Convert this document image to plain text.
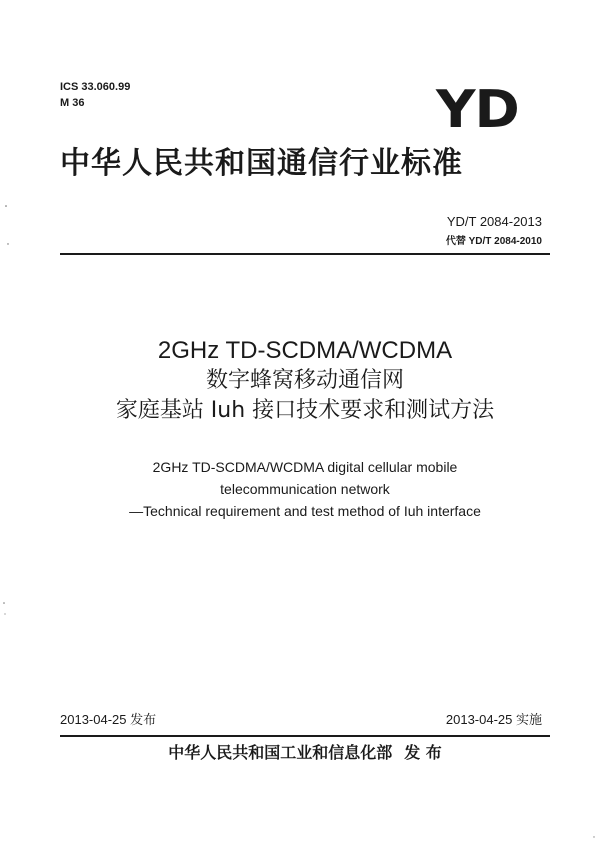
ICS 33.060.99
M 36	YD
中华人民共和国通信行业标准
YD/T 2084-2013
代替 YD/T 2084-2010
2GHz TD-SCDMA/WCDMA
数字蜂窝移动通信网
家庭基站 Iuh 接口技术要求和测试方法
2GHz TD-SCDMA/WCDMA digital cellular mobile
telecommunication network
—Technical requirement and test method of Iuh interface
2013-04-25 发布	2013-04-25 实施
中华人民共和国工业和信息化部 发 布
